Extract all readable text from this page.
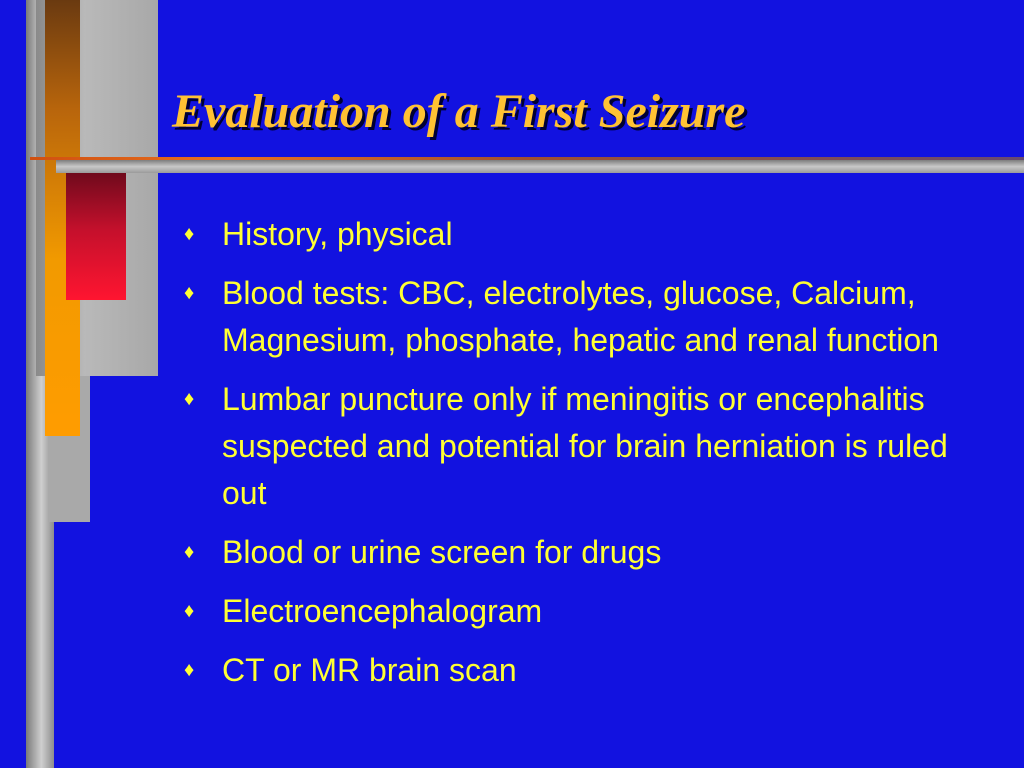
Evaluation of a First Seizure
♦ History, physical
♦ Blood tests: CBC, electrolytes, glucose, Calcium, Magnesium, phosphate, hepatic and renal function
♦ Lumbar puncture only if meningitis or encephalitis suspected and potential for brain herniation is ruled out
♦ Blood or urine screen for drugs
♦ Electroencephalogram
♦ CT or MR brain scan
